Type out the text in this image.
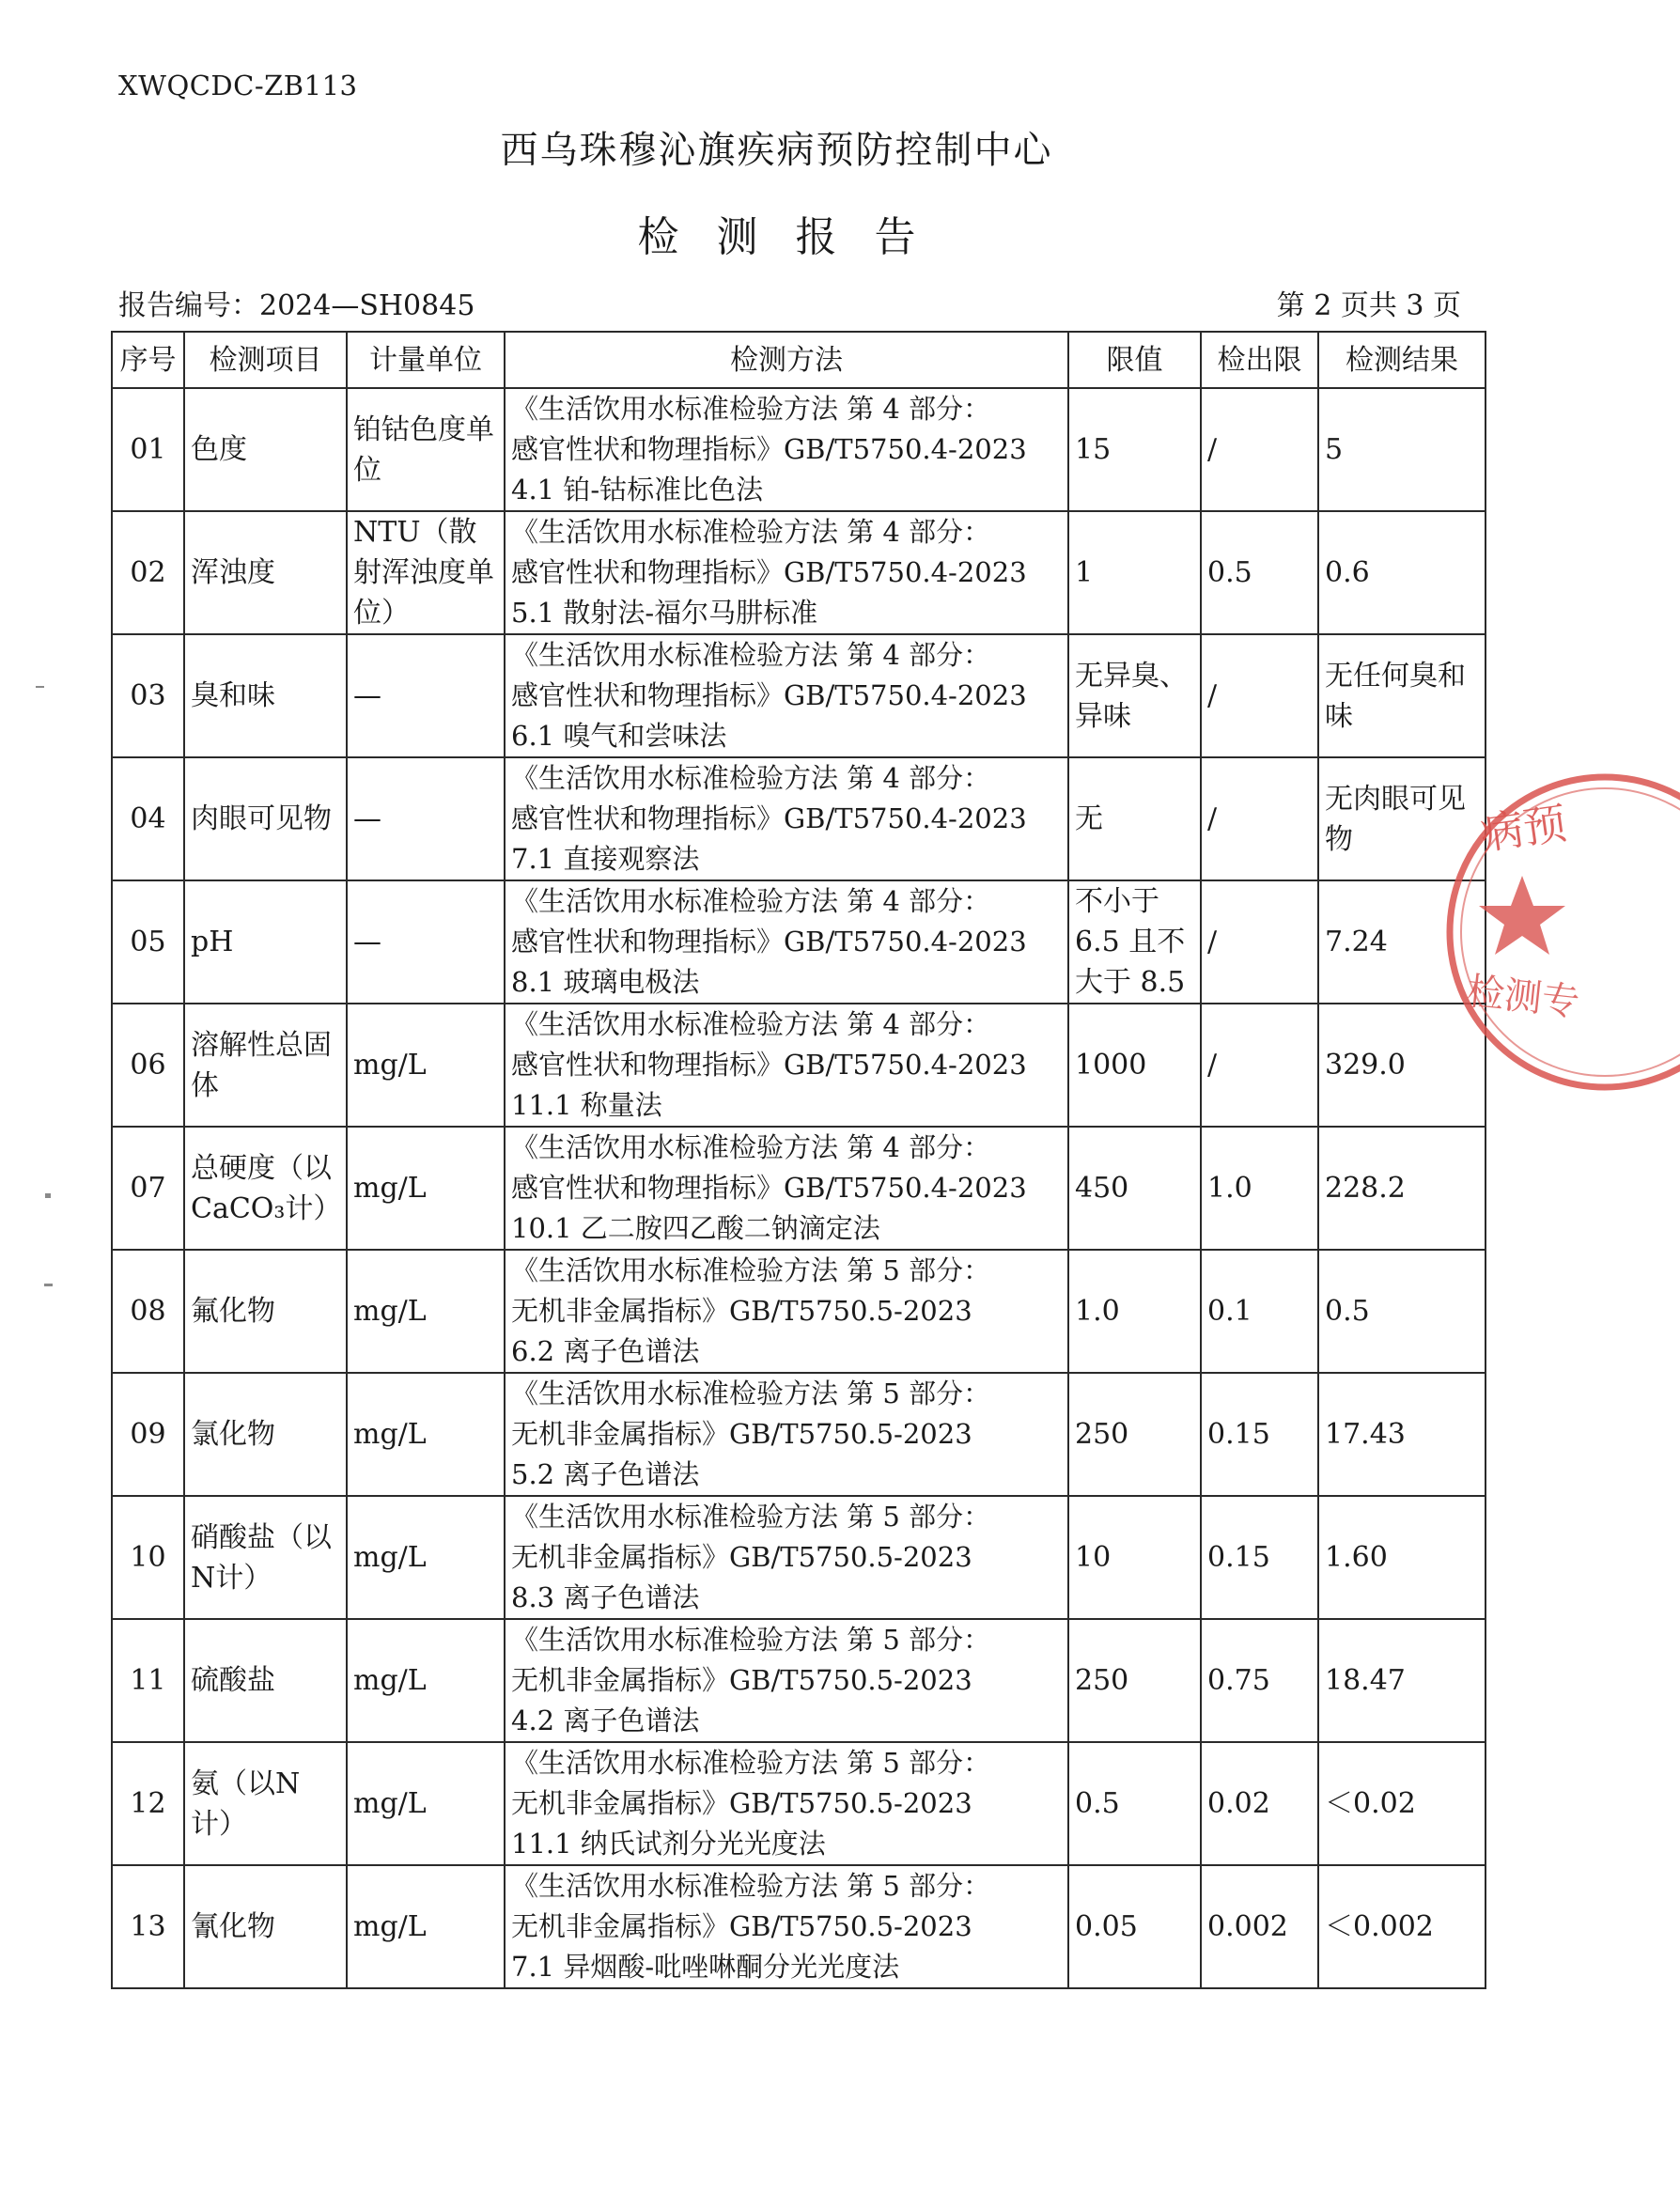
XWQCDC-ZB113
西乌珠穆沁旗疾病预防控制中心
检测报告
报告编号：2024—SH0845	第 2 页共 3 页
序号	检测项目	计量单位	检测方法	限值	检出限	检测结果
01	色度	铂钴色度单位	《生活饮用水标准检验方法 第 4 部分：
感官性状和物理指标》GB/T5750.4-2023
4.1 铂-钴标准比色法	15	/	5
02	浑浊度	NTU（散射浑浊度单位）	《生活饮用水标准检验方法 第 4 部分：
感官性状和物理指标》GB/T5750.4-2023
5.1 散射法-福尔马肼标准	1	0.5	0.6
03	臭和味	—	《生活饮用水标准检验方法 第 4 部分：
感官性状和物理指标》GB/T5750.4-2023
6.1 嗅气和尝味法	无异臭、异味	/	无任何臭和味
04	肉眼可见物	—	《生活饮用水标准检验方法 第 4 部分：
感官性状和物理指标》GB/T5750.4-2023
7.1 直接观察法	无	/	无肉眼可见物
05	pH	—	《生活饮用水标准检验方法 第 4 部分：
感官性状和物理指标》GB/T5750.4-2023
8.1 玻璃电极法	不小于6.5 且不大于 8.5	/	7.24
06	溶解性总固体	mg/L	《生活饮用水标准检验方法 第 4 部分：
感官性状和物理指标》GB/T5750.4-2023
11.1 称量法	1000	/	329.0
07	总硬度（以CaCO₃计）	mg/L	《生活饮用水标准检验方法 第 4 部分：
感官性状和物理指标》GB/T5750.4-2023
10.1 乙二胺四乙酸二钠滴定法	450	1.0	228.2
08	氟化物	mg/L	《生活饮用水标准检验方法 第 5 部分：
无机非金属指标》GB/T5750.5-2023
6.2 离子色谱法	1.0	0.1	0.5
09	氯化物	mg/L	《生活饮用水标准检验方法 第 5 部分：
无机非金属指标》GB/T5750.5-2023
5.2 离子色谱法	250	0.15	17.43
10	硝酸盐（以N计）	mg/L	《生活饮用水标准检验方法 第 5 部分：
无机非金属指标》GB/T5750.5-2023
8.3 离子色谱法	10	0.15	1.60
11	硫酸盐	mg/L	《生活饮用水标准检验方法 第 5 部分：
无机非金属指标》GB/T5750.5-2023
4.2 离子色谱法	250	0.75	18.47
12	氨（以N计）	mg/L	《生活饮用水标准检验方法 第 5 部分：
无机非金属指标》GB/T5750.5-2023
11.1 纳氏试剂分光光度法	0.5	0.02	＜0.02
13	氰化物	mg/L	《生活饮用水标准检验方法 第 5 部分：
无机非金属指标》GB/T5750.5-2023
7.1 异烟酸-吡唑啉酮分光光度法	0.05	0.002	＜0.002
病预
检测专
